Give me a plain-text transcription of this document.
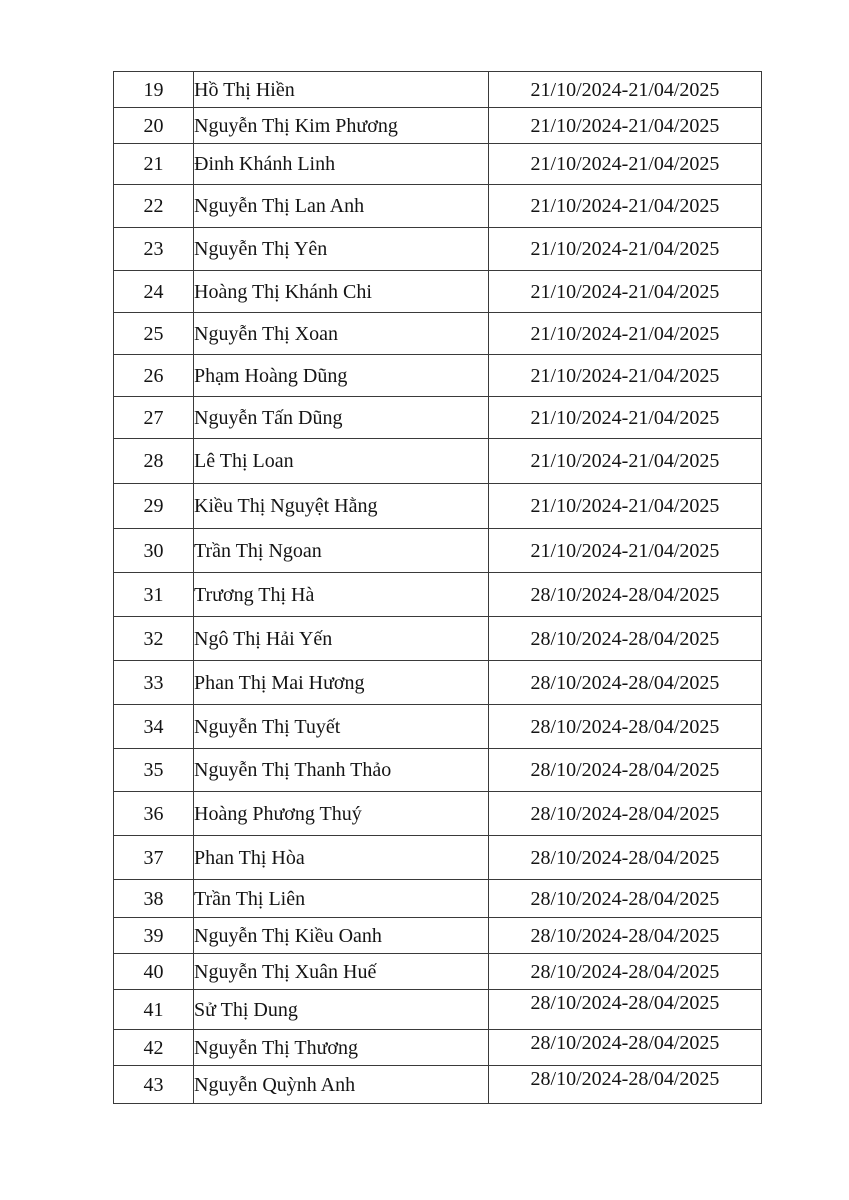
19	Hồ Thị Hiền	21/10/2024-21/04/2025
20	Nguyễn Thị Kim Phương	21/10/2024-21/04/2025
21	Đinh Khánh Linh	21/10/2024-21/04/2025
22	Nguyễn Thị Lan Anh	21/10/2024-21/04/2025
23	Nguyễn Thị Yên	21/10/2024-21/04/2025
24	Hoàng Thị Khánh Chi	21/10/2024-21/04/2025
25	Nguyễn Thị Xoan	21/10/2024-21/04/2025
26	Phạm Hoàng Dũng	21/10/2024-21/04/2025
27	Nguyễn Tấn Dũng	21/10/2024-21/04/2025
28	Lê Thị Loan	21/10/2024-21/04/2025
29	Kiều Thị Nguyệt Hằng	21/10/2024-21/04/2025
30	Trần Thị Ngoan	21/10/2024-21/04/2025
31	Trương Thị Hà	28/10/2024-28/04/2025
32	Ngô Thị Hải Yến	28/10/2024-28/04/2025
33	Phan Thị Mai Hương	28/10/2024-28/04/2025
34	Nguyễn Thị Tuyết	28/10/2024-28/04/2025
35	Nguyễn Thị Thanh Thảo	28/10/2024-28/04/2025
36	Hoàng Phương Thuý	28/10/2024-28/04/2025
37	Phan Thị Hòa	28/10/2024-28/04/2025
38	Trần Thị Liên	28/10/2024-28/04/2025
39	Nguyễn Thị Kiều Oanh	28/10/2024-28/04/2025
40	Nguyễn Thị Xuân Huế	28/10/2024-28/04/2025
41	Sử Thị Dung	28/10/2024-28/04/2025
42	Nguyễn Thị Thương	28/10/2024-28/04/2025
43	Nguyễn Quỳnh Anh	28/10/2024-28/04/2025
